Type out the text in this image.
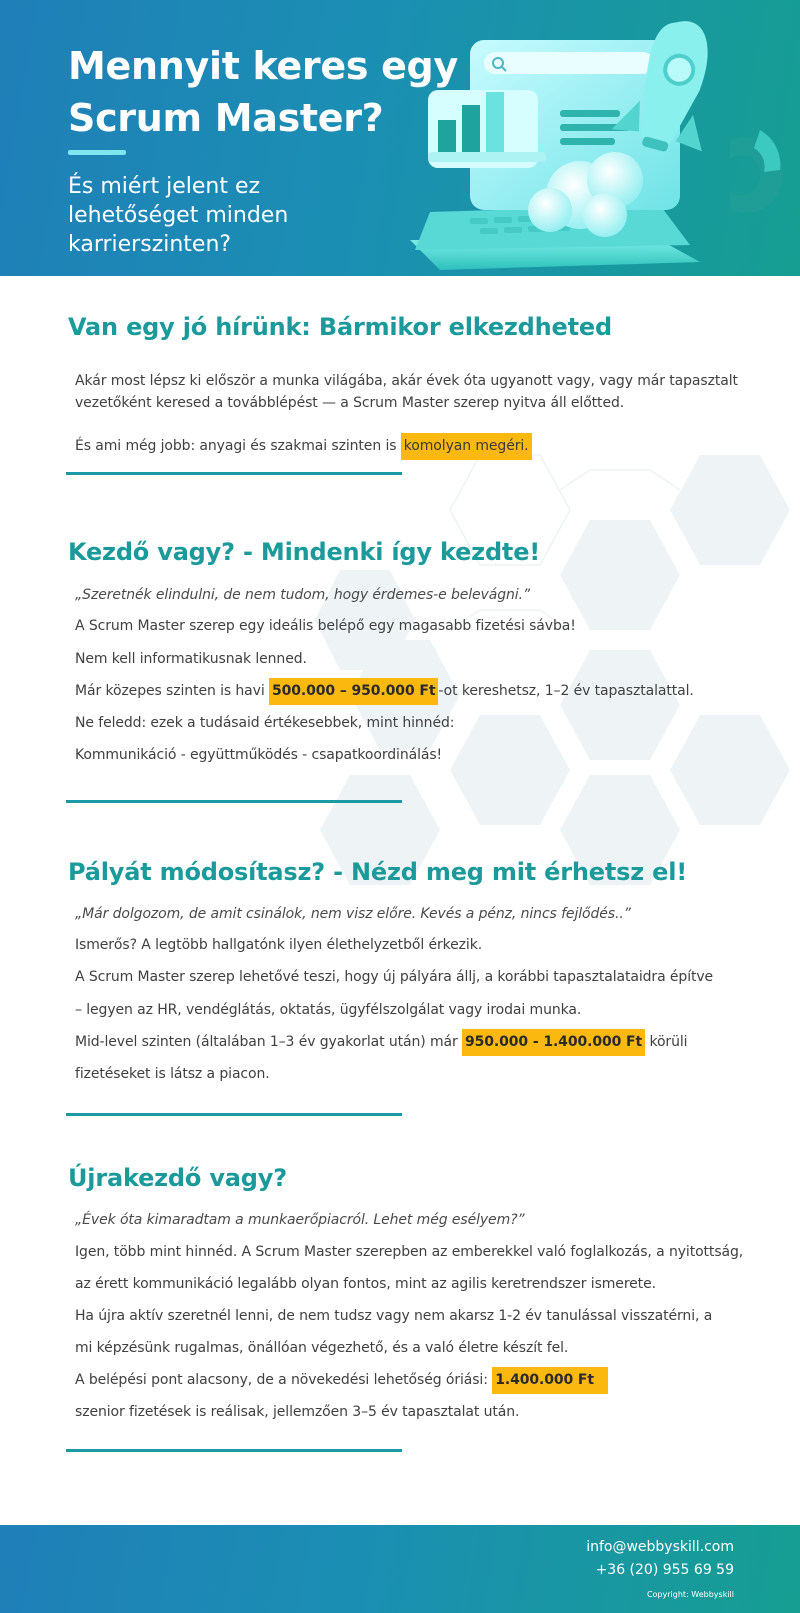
Mennyit keres egy
Scrum Master?
És miért jelent ez
lehetőséget minden
karrierszinten?
Van egy jó hírünk: Bármikor elkezdheted
Akár most lépsz ki először a munka világába, akár évek óta ugyanott vagy, vagy már tapasztalt
vezetőként keresed a továbblépést — a Scrum Master szerep nyitva áll előtted.
És ami még jobb: anyagi és szakmai szinten is komolyan megéri.
Kezdő vagy? - Mindenki így kezdte!
„Szeretnék elindulni, de nem tudom, hogy érdemes-e belevágni.”
A Scrum Master szerep egy ideális belépő egy magasabb fizetési sávba!
Nem kell informatikusnak lenned.
Már közepes szinten is havi 500.000 – 950.000 Ft -ot kereshetsz, 1–2 év tapasztalattal.
Ne feledd: ezek a tudásaid értékesebbek, mint hinnéd:
Kommunikáció - együttműködés - csapatkoordinálás!
Pályát módosítasz? - Nézd meg mit érhetsz el!
„Már dolgozom, de amit csinálok, nem visz előre. Kevés a pénz, nincs fejlődés..”
Ismerős? A legtöbb hallgatónk ilyen élethelyzetből érkezik.
A Scrum Master szerep lehetővé teszi, hogy új pályára állj, a korábbi tapasztalataidra építve
– legyen az HR, vendéglátás, oktatás, ügyfélszolgálat vagy irodai munka.
Mid-level szinten (általában 1–3 év gyakorlat után) már 950.000 - 1.400.000 Ft körüli
fizetéseket is látsz a piacon.
Újrakezdő vagy?
„Évek óta kimaradtam a munkaerőpiacról. Lehet még esélyem?”
Igen, több mint hinnéd. A Scrum Master szerepben az emberekkel való foglalkozás, a nyitottság,
az érett kommunikáció legalább olyan fontos, mint az agilis keretrendszer ismerete.
Ha újra aktív szeretnél lenni, de nem tudsz vagy nem akarsz 1-2 év tanulással visszatérni, a
mi képzésünk rugalmas, önállóan végezhető, és a való életre készít fel.
A belépési pont alacsony, de a növekedési lehetőség óriási: 1.400.000 Ft
szenior fizetések is reálisak, jellemzően 3–5 év tapasztalat után.
info@webbyskill.com
+36 (20) 955 69 59
Copyright: Webbyskill
